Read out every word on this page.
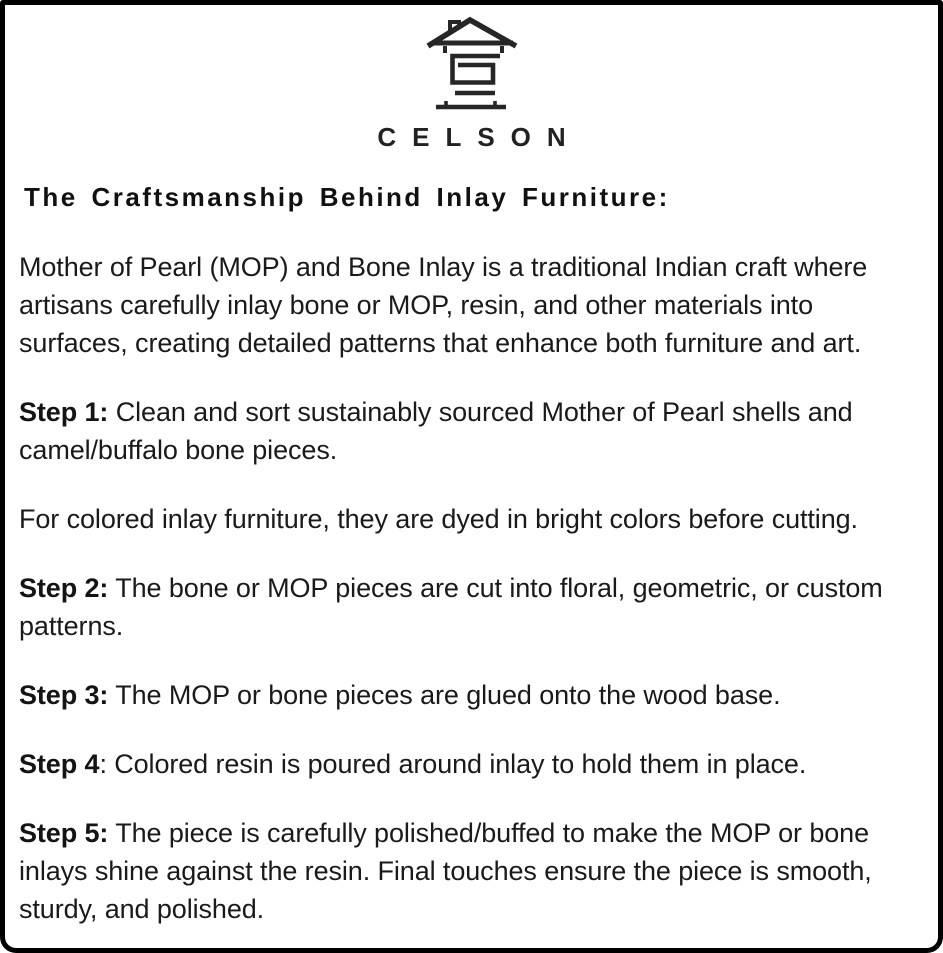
CELSON
The Craftsmanship Behind Inlay Furniture:

Mother of Pearl (MOP) and Bone Inlay is a traditional Indian craft where artisans carefully inlay bone or MOP, resin, and other materials into surfaces, creating detailed patterns that enhance both furniture and art.

Step 1: Clean and sort sustainably sourced Mother of Pearl shells and camel/buffalo bone pieces.

For colored inlay furniture, they are dyed in bright colors before cutting.

Step 2: The bone or MOP pieces are cut into floral, geometric, or custom patterns.

Step 3: The MOP or bone pieces are glued onto the wood base.

Step 4: Colored resin is poured around inlay to hold them in place.

Step 5: The piece is carefully polished/buffed to make the MOP or bone inlays shine against the resin. Final touches ensure the piece is smooth, sturdy, and polished.
